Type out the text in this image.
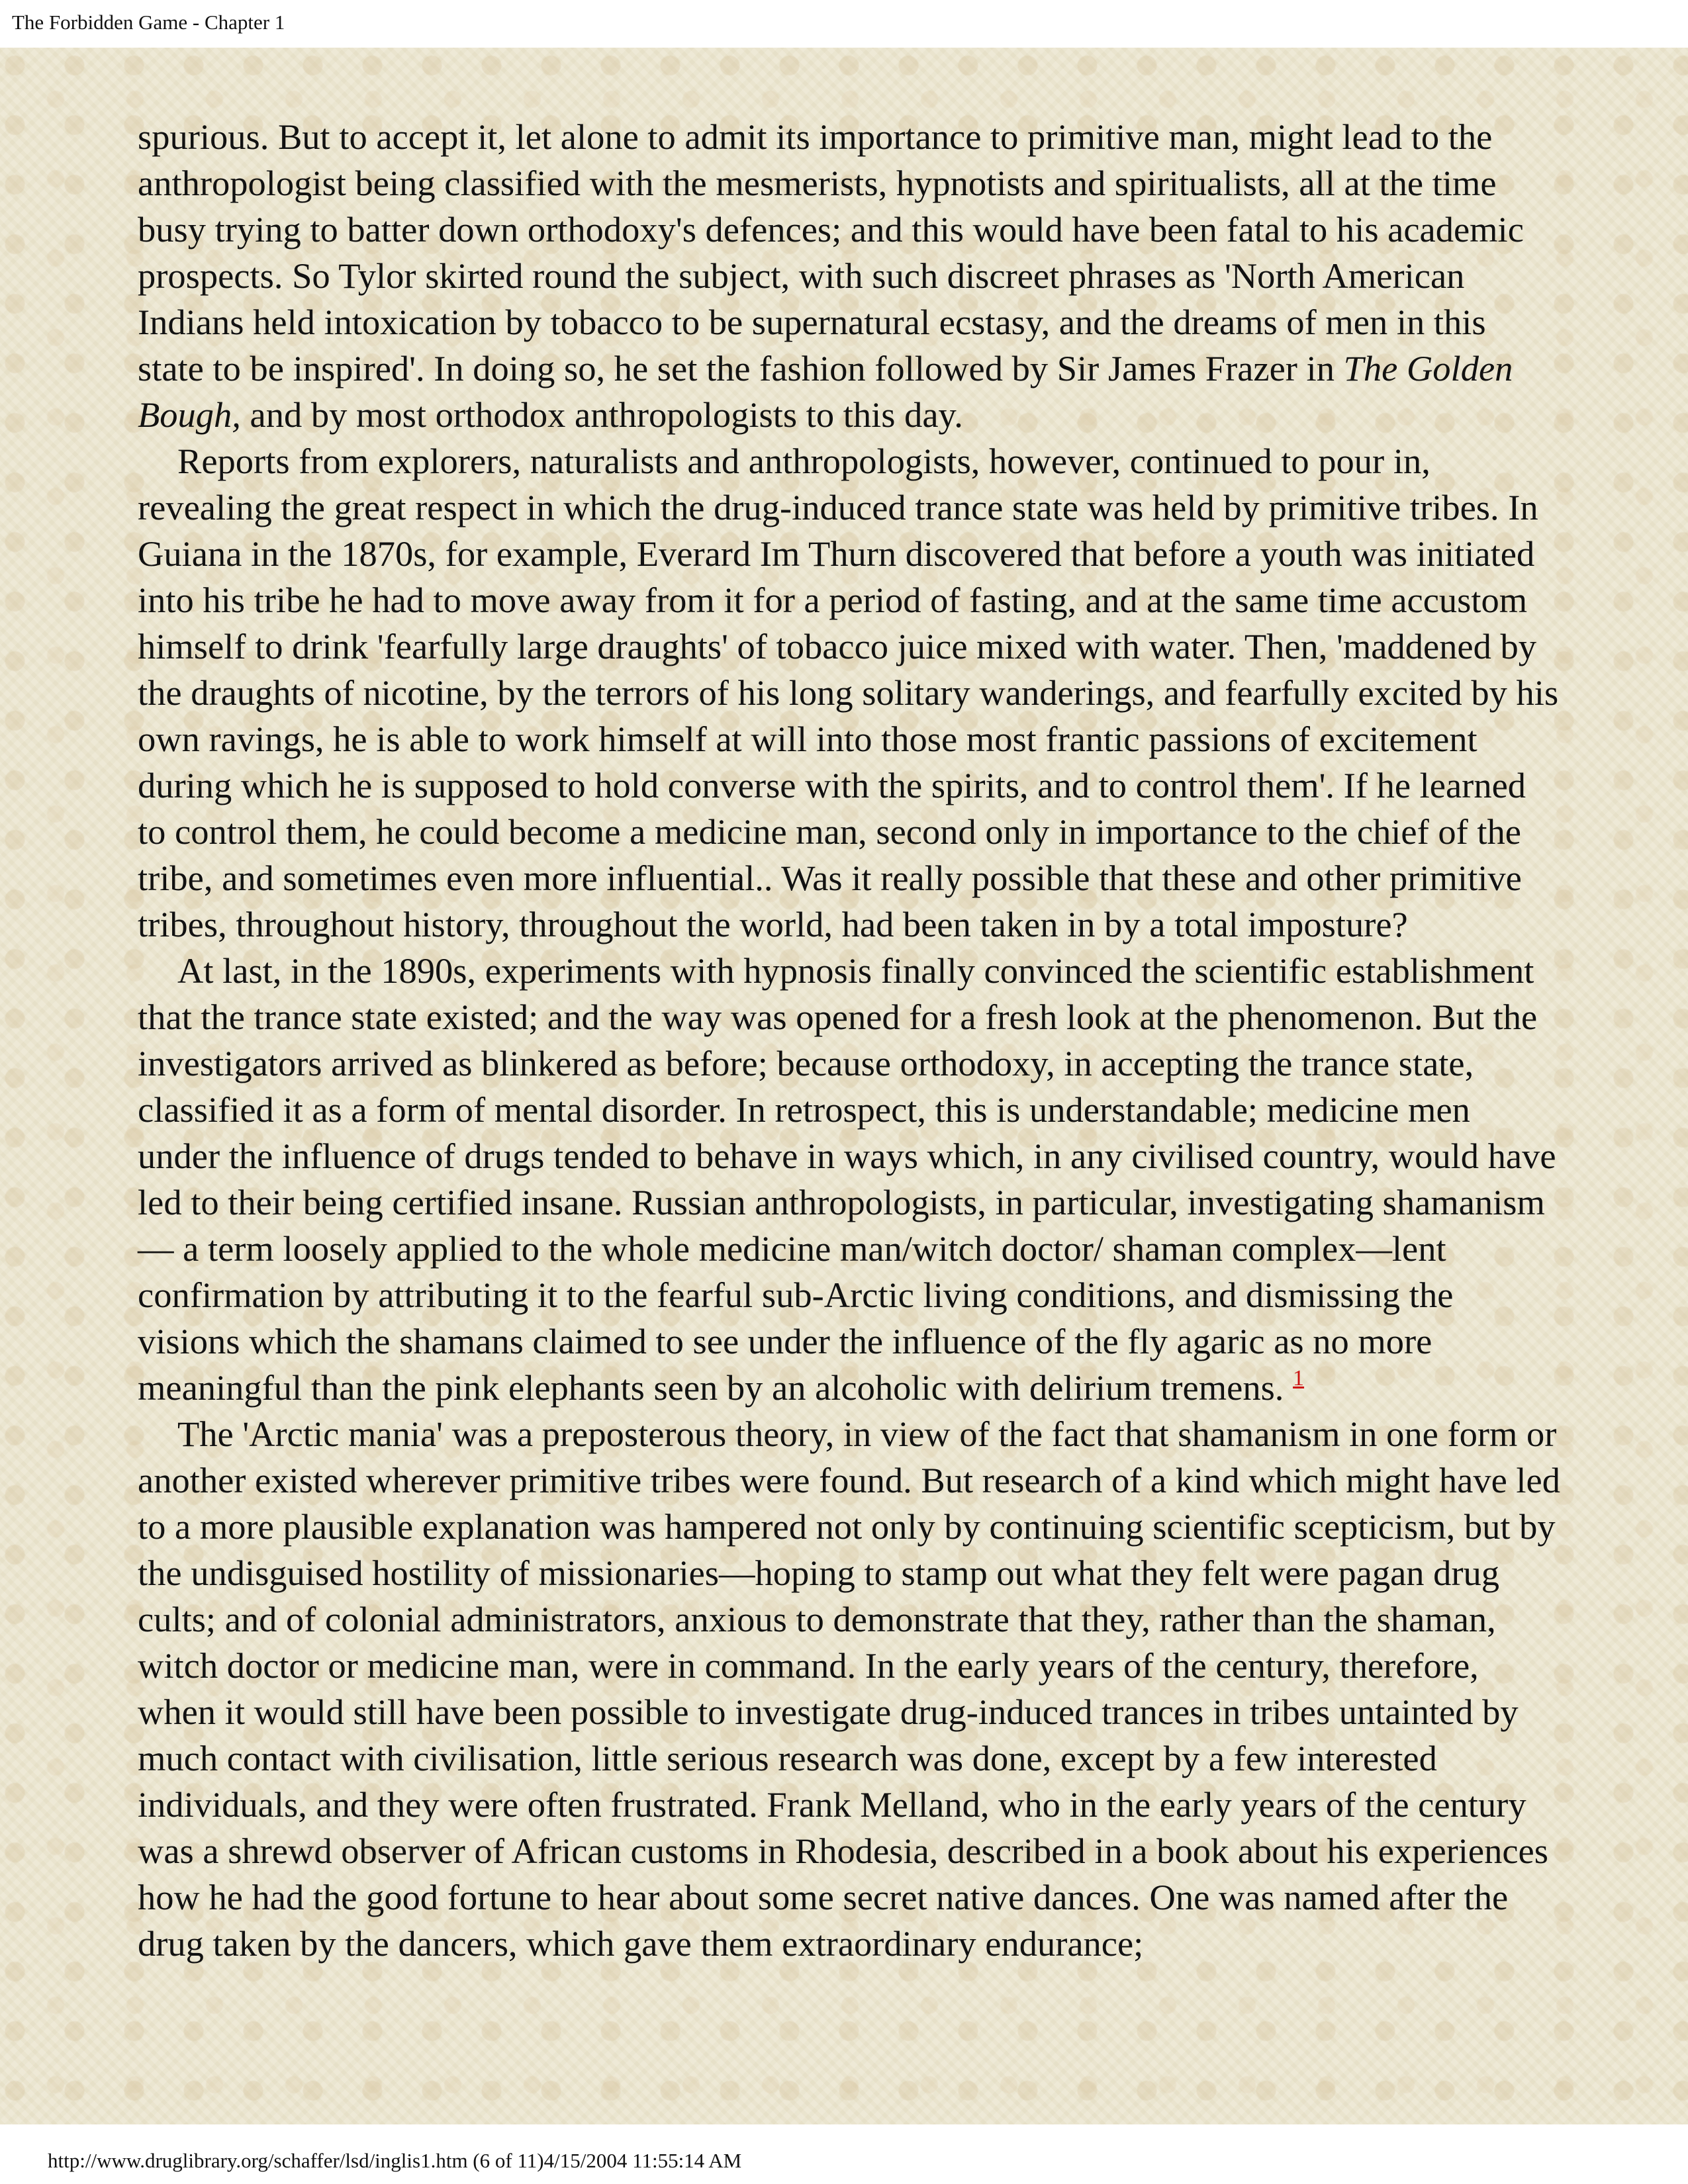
The Forbidden Game - Chapter 1

spurious. But to accept it, let alone to admit its importance to primitive man, might lead to the anthropologist being classified with the mesmerists, hypnotists and spiritualists, all at the time busy trying to batter down orthodoxy's defences; and this would have been fatal to his academic prospects. So Tylor skirted round the subject, with such discreet phrases as 'North American Indians held intoxication by tobacco to be supernatural ecstasy, and the dreams of men in this state to be inspired'. In doing so, he set the fashion followed by Sir James Frazer in The Golden Bough, and by most orthodox anthropologists to this day.

Reports from explorers, naturalists and anthropologists, however, continued to pour in, revealing the great respect in which the drug-induced trance state was held by primitive tribes. In Guiana in the 1870s, for example, Everard Im Thurn discovered that before a youth was initiated into his tribe he had to move away from it for a period of fasting, and at the same time accustom himself to drink 'fearfully large draughts' of tobacco juice mixed with water. Then, 'maddened by the draughts of nicotine, by the terrors of his long solitary wanderings, and fearfully excited by his own ravings, he is able to work himself at will into those most frantic passions of excitement during which he is supposed to hold converse with the spirits, and to control them'. If he learned to control them, he could become a medicine man, second only in importance to the chief of the tribe, and sometimes even more influential.. Was it really possible that these and other primitive tribes, throughout history, throughout the world, had been taken in by a total imposture?

At last, in the 1890s, experiments with hypnosis finally convinced the scientific establishment that the trance state existed; and the way was opened for a fresh look at the phenomenon. But the investigators arrived as blinkered as before; because orthodoxy, in accepting the trance state, classified it as a form of mental disorder. In retrospect, this is understandable; medicine men under the influence of drugs tended to behave in ways which, in any civilised country, would have led to their being certified insane. Russian anthropologists, in particular, investigating shamanism— a term loosely applied to the whole medicine man/witch doctor/ shaman complex—lent confirmation by attributing it to the fearful sub-Arctic living conditions, and dismissing the visions which the shamans claimed to see under the influence of the fly agaric as no more meaningful than the pink elephants seen by an alcoholic with delirium tremens. $^1$

The 'Arctic mania' was a preposterous theory, in view of the fact that shamanism in one form or another existed wherever primitive tribes were found. But research of a kind which might have led to a more plausible explanation was hampered not only by continuing scientific scepticism, but by the undisguised hostility of missionaries—hoping to stamp out what they felt were pagan drug cults; and of colonial administrators, anxious to demonstrate that they, rather than the shaman, witch doctor or medicine man, were in command. In the early years of the century, therefore, when it would still have been possible to investigate drug-induced trances in tribes untainted by much contact with civilisation, little serious research was done, except by a few interested individuals, and they were often frustrated. Frank Melland, who in the early years of the century was a shrewd observer of African customs in Rhodesia, described in a book about his experiences how he had the good fortune to hear about some secret native dances. One was named after the drug taken by the dancers, which gave them extraordinary endurance;

http://www.druglibrary.org/schaffer/lsd/inglis1.htm (6 of 11)4/15/2004 11:55:14 AM
